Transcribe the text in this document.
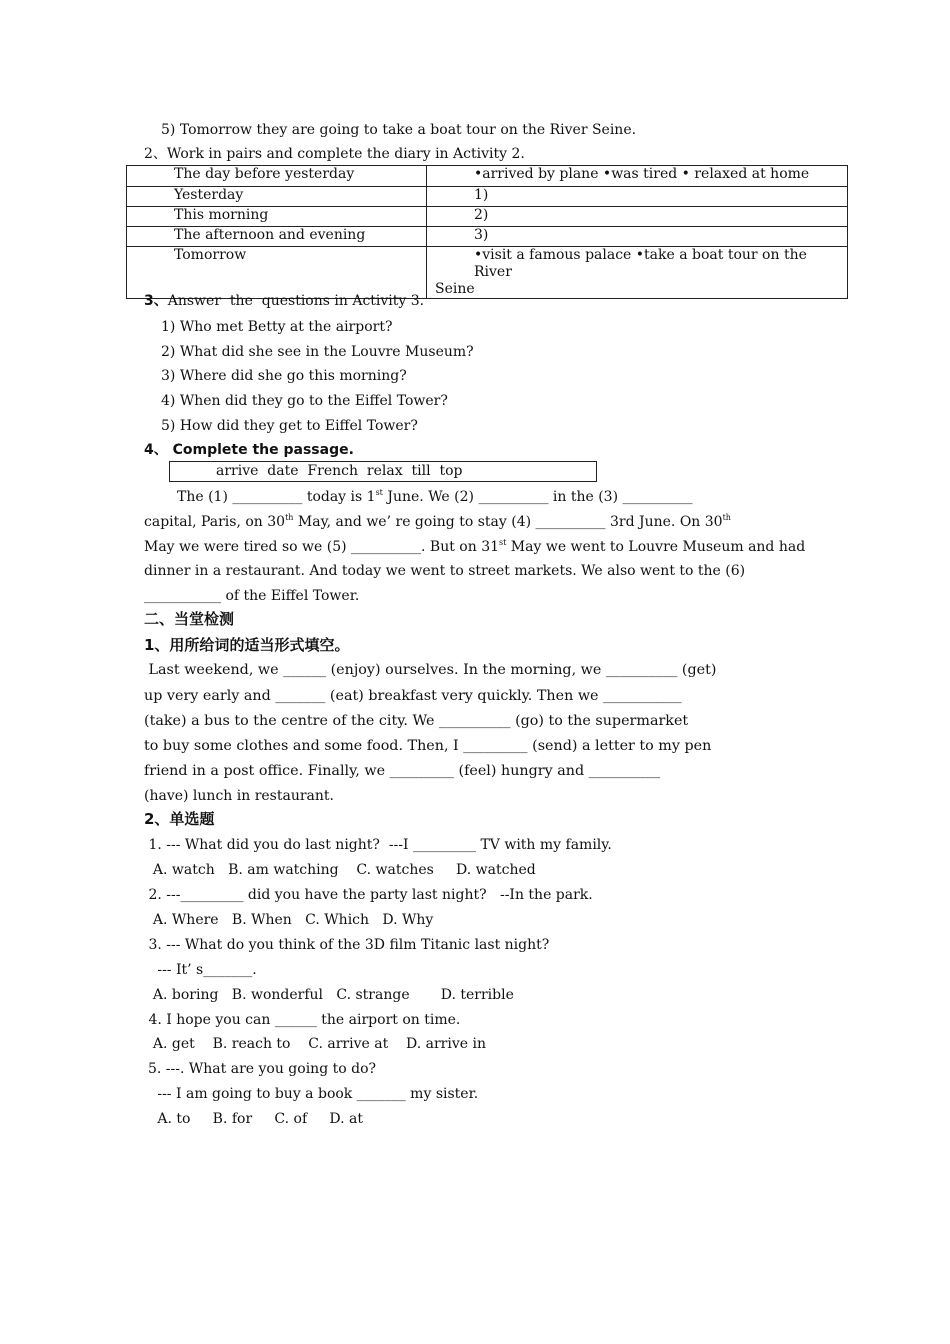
5) Tomorrow they are going to take a boat tour on the River Seine.
2、Work in pairs and complete the diary in Activity 2.
The day before yesterday	•arrived by plane •was tired • relaxed at home
Yesterday	1)
This morning	2)
The afternoon and evening	3)
Tomorrow	•visit a famous palace •take a boat tour on the River
Seine
3、Answer  the  questions in Activity 3.
1) Who met Betty at the airport?
2) What did she see in the Louvre Museum?
3) Where did she go this morning?
4) When did they go to the Eiffel Tower?
5) How did they get to Eiffel Tower?
4、 Complete the passage.
arrive  date  French  relax  till  top
The (1) __________ today is 1st June. We (2) __________ in the (3) __________
capital, Paris, on 30th May, and we’ re going to stay (4) __________ 3rd June. On 30th
May we were tired so we (5) __________. But on 31st May we went to Louvre Museum and had
dinner in a restaurant. And today we went to street markets. We also went to the (6)
___________ of the Eiffel Tower.
二、当堂检测
1、用所给词的适当形式填空。
Last weekend, we ______ (enjoy) ourselves. In the morning, we __________ (get)
up very early and _______ (eat) breakfast very quickly. Then we ___________
(take) a bus to the centre of the city. We __________ (go) to the supermarket
to buy some clothes and some food. Then, I _________ (send) a letter to my pen
friend in a post office. Finally, we _________ (feel) hungry and __________
(have) lunch in restaurant.
2、单选题
1. --- What did you do last night?  ---I _________ TV with my family.
A. watch   B. am watching    C. watches     D. watched
2. ---_________ did you have the party last night?   --In the park.
A. Where   B. When   C. Which   D. Why
3. --- What do you think of the 3D film Titanic last night?
--- It’ s_______.
A. boring   B. wonderful   C. strange       D. terrible
4. I hope you can ______ the airport on time.
A. get    B. reach to    C. arrive at    D. arrive in
5. ---. What are you going to do?
--- I am going to buy a book _______ my sister.
A. to     B. for     C. of     D. at
